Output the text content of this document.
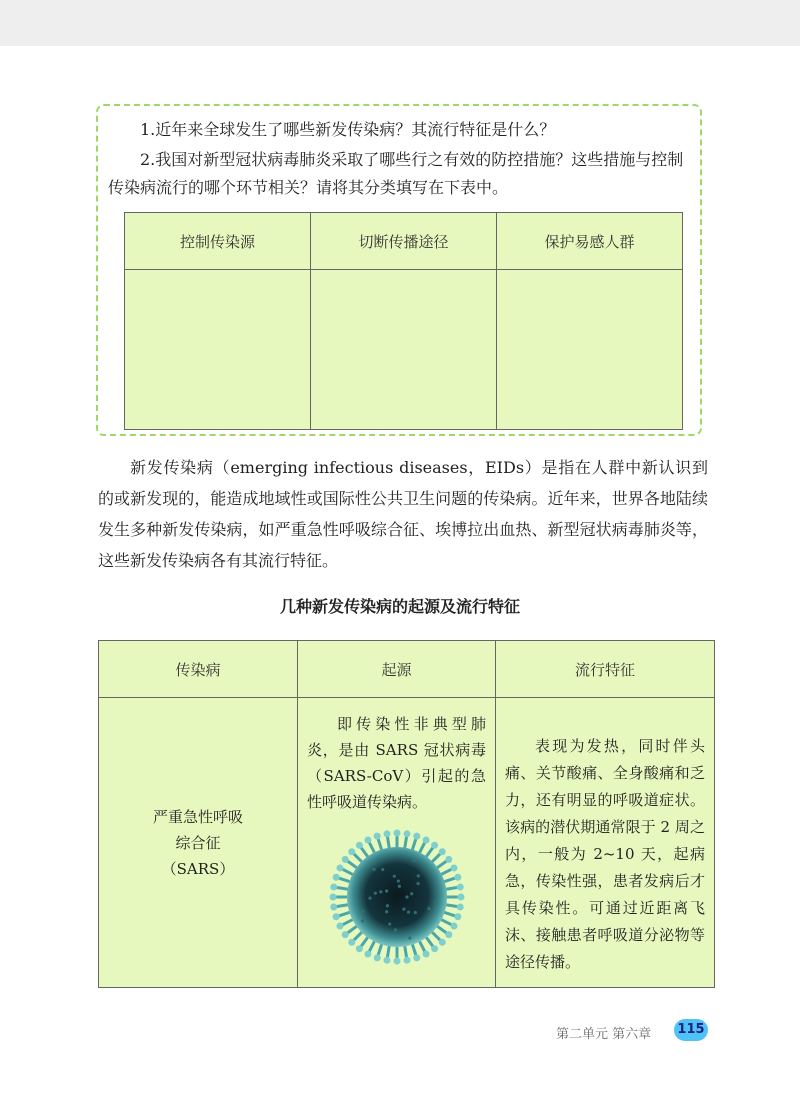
1.近年来全球发生了哪些新发传染病？其流行特征是什么？
2.我国对新型冠状病毒肺炎采取了哪些行之有效的防控措施？这些措施与控制传染病流行的哪个环节相关？请将其分类填写在下表中。
控制传染源	切断传播途径	保护易感人群

新发传染病（emerging infectious diseases，EIDs）是指在人群中新认识到的或新发现的，能造成地域性或国际性公共卫生问题的传染病。近年来，世界各地陆续发生多种新发传染病，如严重急性呼吸综合征、埃博拉出血热、新型冠状病毒肺炎等，这些新发传染病各有其流行特征。
几种新发传染病的起源及流行特征
传染病	起源	流行特征

严重急性呼吸
综合征
（SARS）	即传染性非典型肺炎，是由 SARS 冠状病毒（SARS-CoV）引起的急性呼吸道传染病。	表现为发热，同时伴头痛、关节酸痛、全身酸痛和乏力，还有明显的呼吸道症状。该病的潜伏期通常限于 2 周之内，一般为 2~10 天，起病急，传染性强，患者发病后才具传染性。可通过近距离飞沫、接触患者呼吸道分泌物等途径传播。
第二单元 第六章 115
